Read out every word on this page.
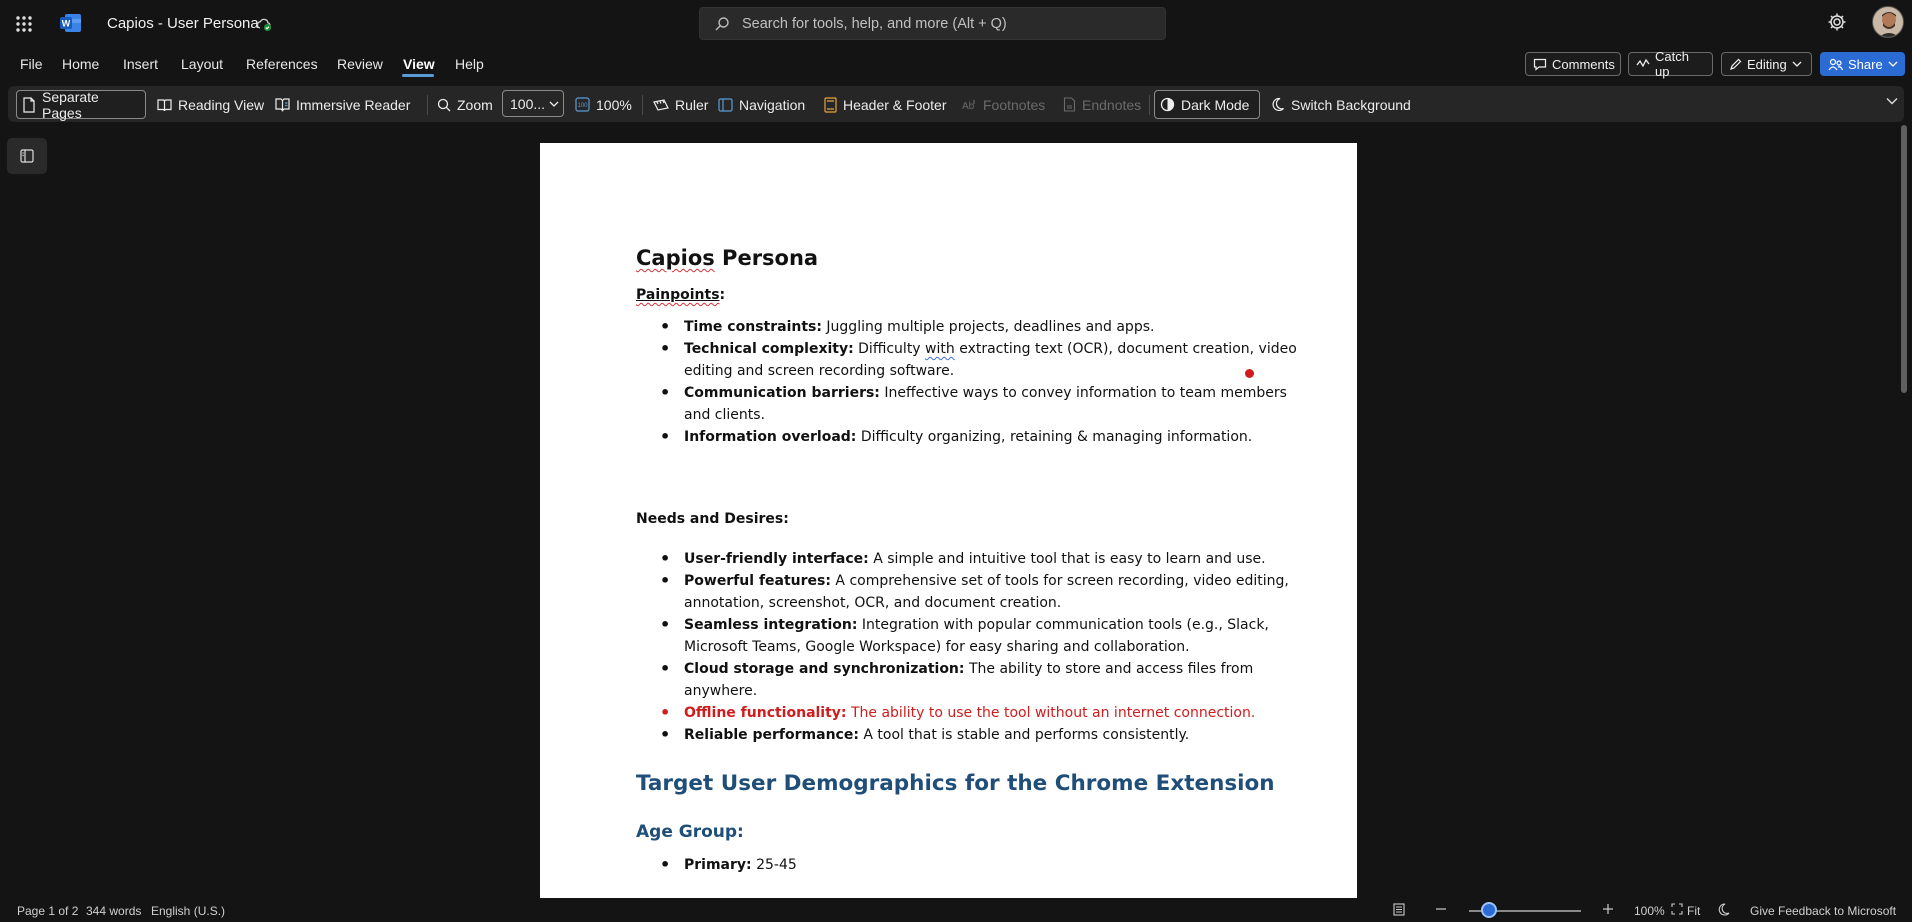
W Capios - User Persona
Search for tools, help, and more (Alt + Q)
File Home Insert Layout References Review View Help	Comments	Catch up	Editing	Share
Separate Pages	Reading View Immersive Reader	Zoom 100...	100 100%	Ruler Navigation	Header & Footer Ab Footnotes	Endnotes	Dark Mode	Switch Background
Capios Persona
Painpoints:
• Time constraints: Juggling multiple projects, deadlines and apps.
• Technical complexity: Difficulty with extracting text (OCR), document creation, video editing and screen recording software.
• Communication barriers: Ineffective ways to convey information to team members and clients.
• Information overload: Difficulty organizing, retaining & managing information.
Needs and Desires:
• User-friendly interface: A simple and intuitive tool that is easy to learn and use.
• Powerful features: A comprehensive set of tools for screen recording, video editing, annotation, screenshot, OCR, and document creation.
• Seamless integration: Integration with popular communication tools (e.g., Slack, Microsoft Teams, Google Workspace) for easy sharing and collaboration.
• Cloud storage and synchronization: The ability to store and access files from anywhere.
• Offline functionality: The ability to use the tool without an internet connection.
• Reliable performance: A tool that is stable and performs consistently.
Target User Demographics for the Chrome Extension
Age Group:
• Primary: 25-45
Page 1 of 2 344 words English (U.S.)	100% Fit	Give Feedback to Microsoft
